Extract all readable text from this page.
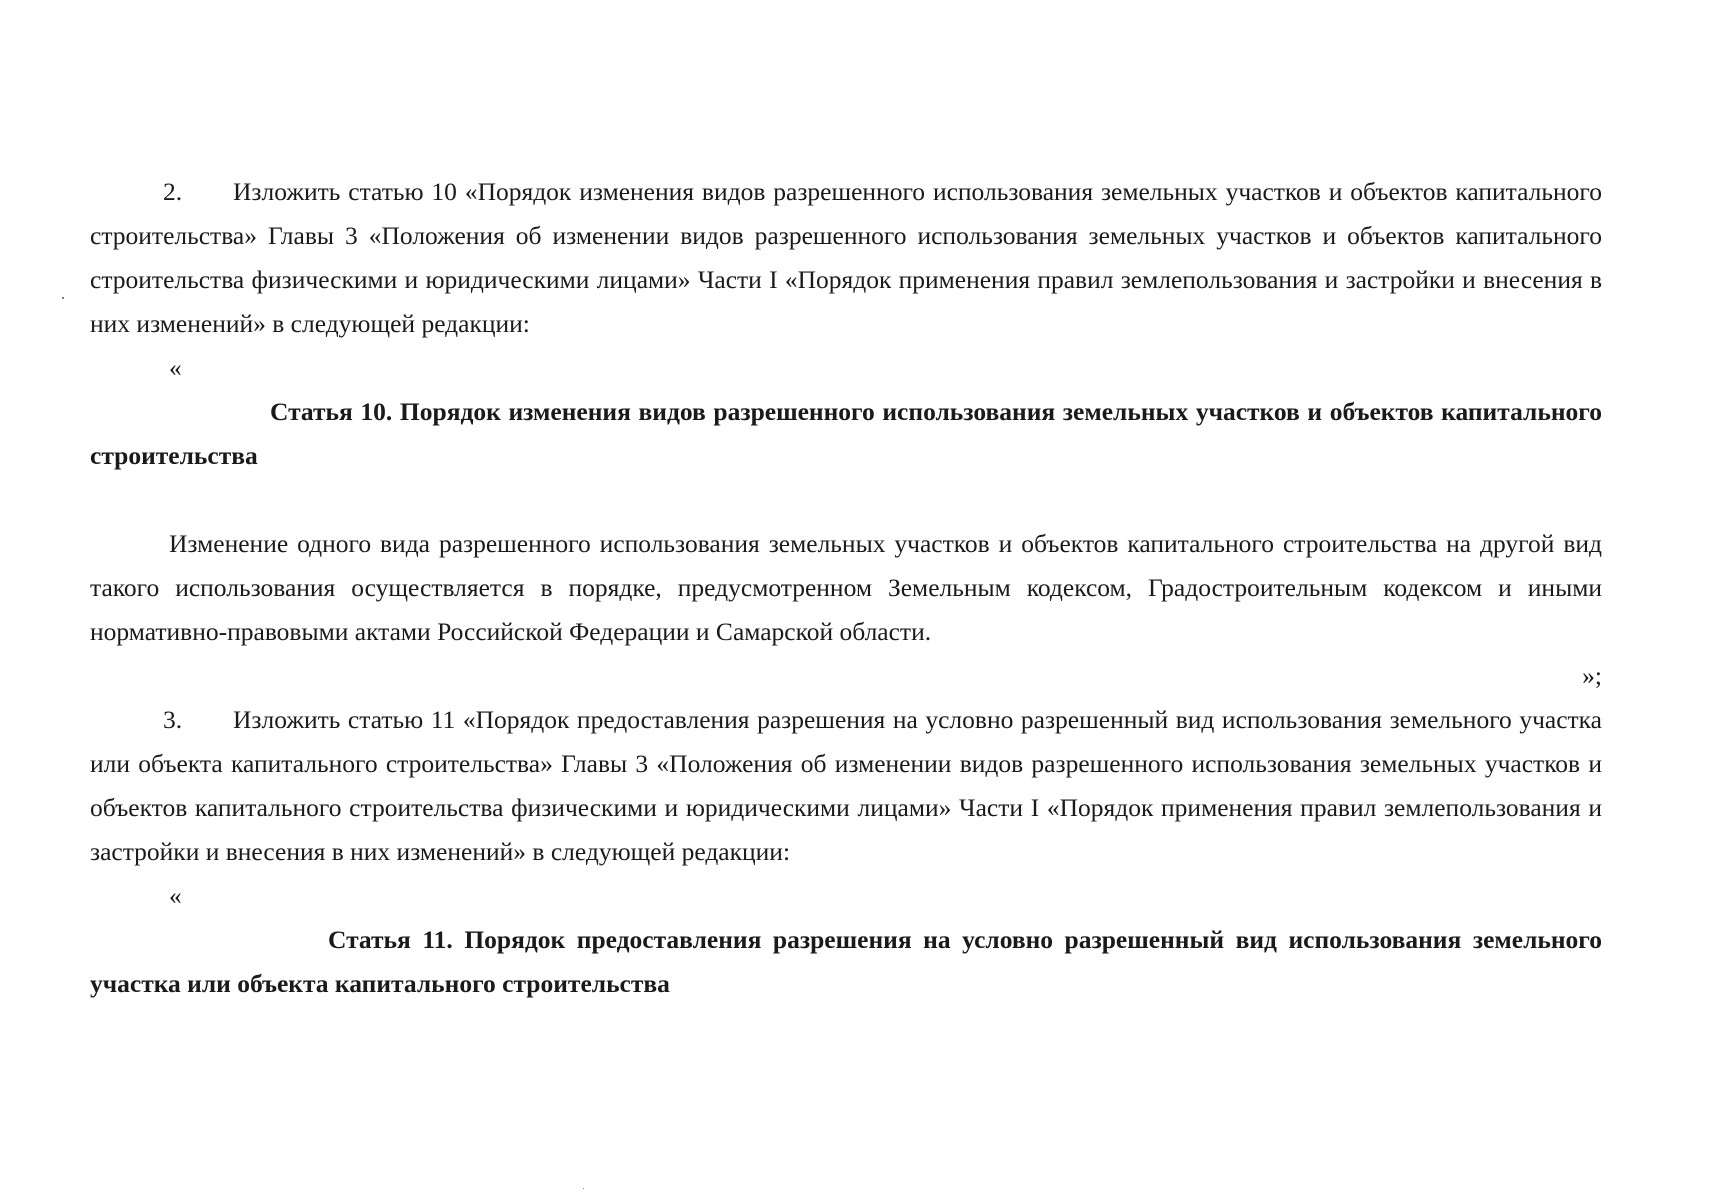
2. Изложить статью 10 «Порядок изменения видов разрешенного использования земельных участков и объектов капитального строительства» Главы 3 «Положения об изменении видов разрешенного использования земельных участков и объектов капитального строительства физическими и юридическими лицами» Части I «Порядок применения правил землепользования и застройки и внесения в них изменений» в следующей редакции:

«

Статья 10. Порядок изменения видов разрешенного использования земельных участков и объектов капитального строительства

Изменение одного вида разрешенного использования земельных участков и объектов капитального строительства на другой вид такого использования осуществляется в порядке, предусмотренном Земельным кодексом, Градостроительным кодексом и иными нормативно-правовыми актами Российской Федерации и Самарской области.

»;

3. Изложить статью 11 «Порядок предоставления разрешения на условно разрешенный вид использования земельного участка или объекта капитального строительства» Главы 3 «Положения об изменении видов разрешенного использования земельных участков и объектов капитального строительства физическими и юридическими лицами» Части I «Порядок применения правил землепользования и застройки и внесения в них изменений» в следующей редакции:

«

Статья 11. Порядок предоставления разрешения на условно разрешенный вид использования земельного участка или объекта капитального строительства
